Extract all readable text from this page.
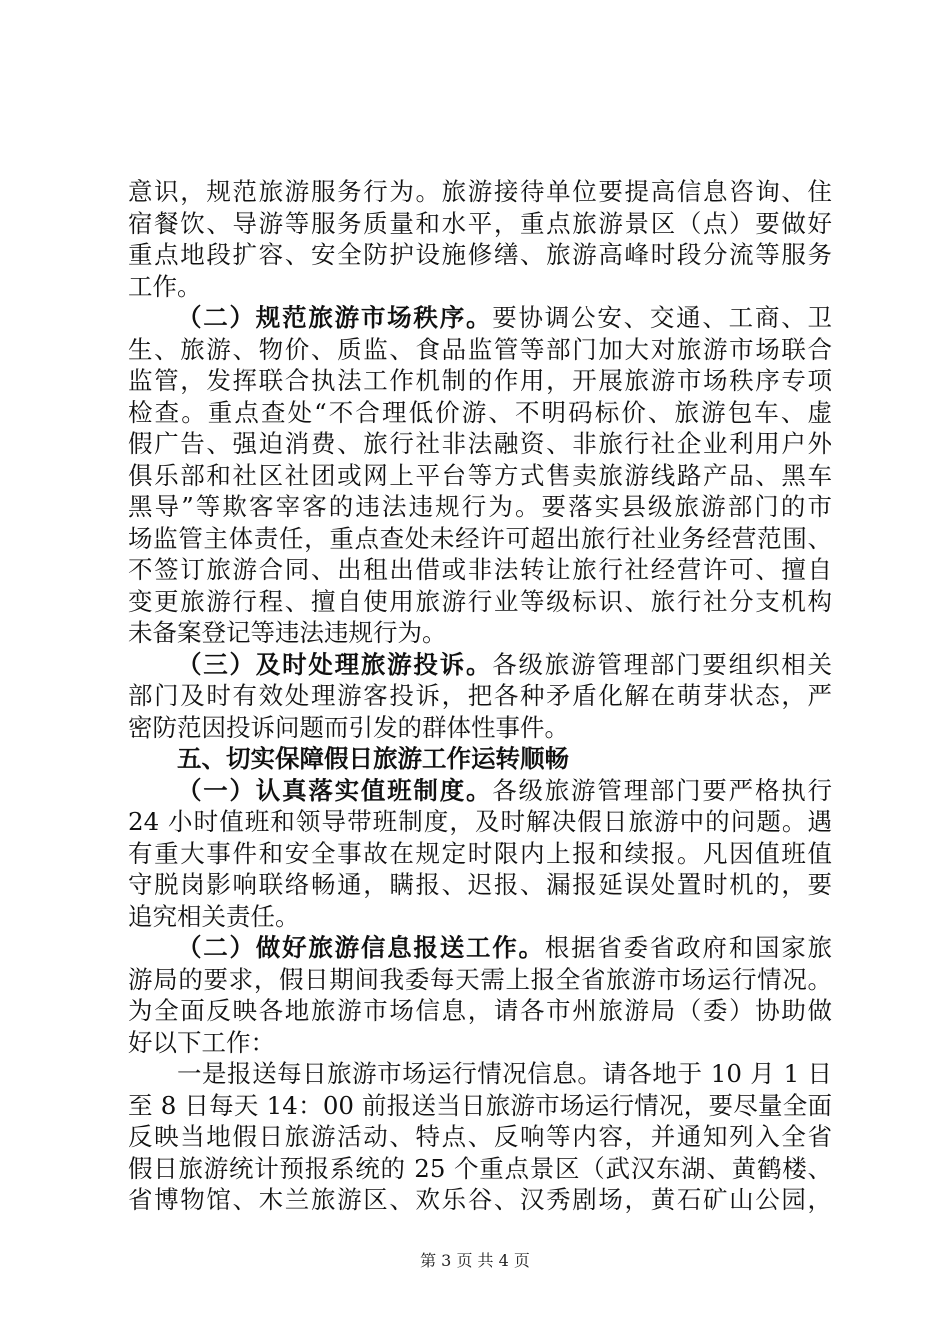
意识，规范旅游服务行为。旅游接待单位要提高信息咨询、住
宿餐饮、导游等服务质量和水平，重点旅游景区（点）要做好
重点地段扩容、安全防护设施修缮、旅游高峰时段分流等服务
工作。
（二）规范旅游市场秩序。要协调公安、交通、工商、卫
生、旅游、物价、质监、食品监管等部门加大对旅游市场联合
监管，发挥联合执法工作机制的作用，开展旅游市场秩序专项
检查。重点查处“不合理低价游、不明码标价、旅游包车、虚
假广告、强迫消费、旅行社非法融资、非旅行社企业利用户外
俱乐部和社区社团或网上平台等方式售卖旅游线路产品、黑车
黑导”等欺客宰客的违法违规行为。要落实县级旅游部门的市
场监管主体责任，重点查处未经许可超出旅行社业务经营范围、
不签订旅游合同、出租出借或非法转让旅行社经营许可、擅自
变更旅游行程、擅自使用旅游行业等级标识、旅行社分支机构
未备案登记等违法违规行为。
（三）及时处理旅游投诉。各级旅游管理部门要组织相关
部门及时有效处理游客投诉，把各种矛盾化解在萌芽状态，严
密防范因投诉问题而引发的群体性事件。
五、切实保障假日旅游工作运转顺畅
（一）认真落实值班制度。各级旅游管理部门要严格执行
24 小时值班和领导带班制度，及时解决假日旅游中的问题。遇
有重大事件和安全事故在规定时限内上报和续报。凡因值班值
守脱岗影响联络畅通，瞒报、迟报、漏报延误处置时机的，要
追究相关责任。
（二）做好旅游信息报送工作。根据省委省政府和国家旅
游局的要求，假日期间我委每天需上报全省旅游市场运行情况。
为全面反映各地旅游市场信息，请各市州旅游局（委）协助做
好以下工作：
一是报送每日旅游市场运行情况信息。请各地于 10 月 1 日
至 8 日每天 14：00 前报送当日旅游市场运行情况，要尽量全面
反映当地假日旅游活动、特点、反响等内容，并通知列入全省
假日旅游统计预报系统的 25 个重点景区（武汉东湖、黄鹤楼、
省博物馆、木兰旅游区、欢乐谷、汉秀剧场，黄石矿山公园，
第 3 页 共 4 页
